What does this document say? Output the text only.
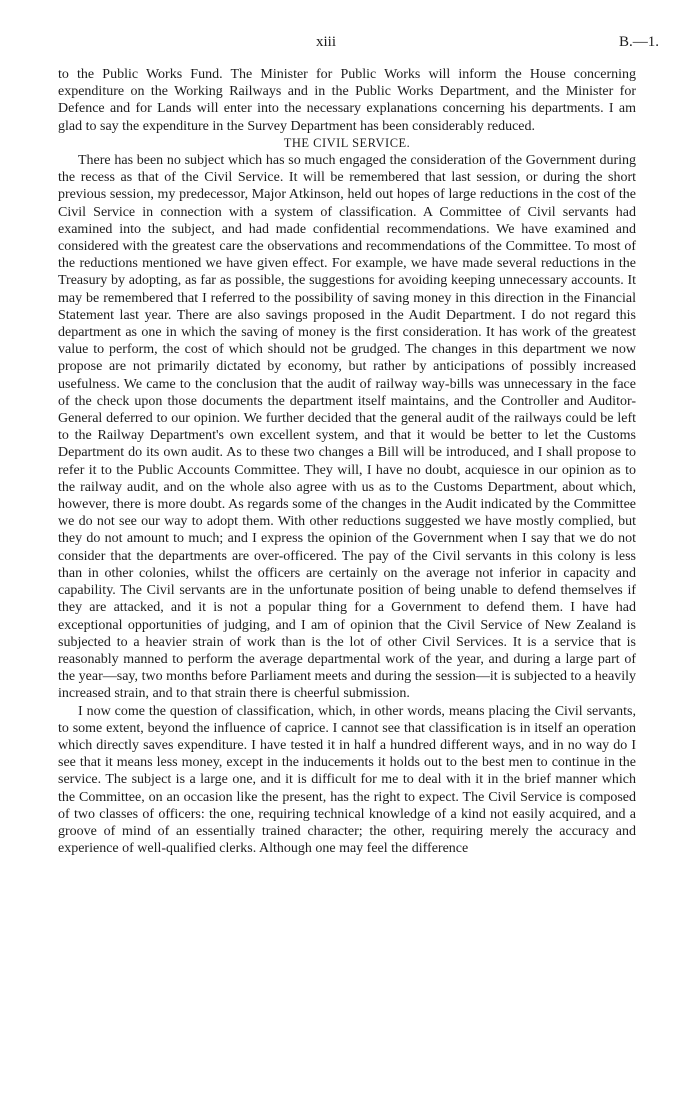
xiii	B.—1.

to the Public Works Fund. The Minister for Public Works will inform the House concerning expenditure on the Working Railways and in the Public Works Department, and the Minister for Defence and for Lands will enter into the necessary explanations concerning his departments. I am glad to say the expenditure in the Survey Department has been considerably reduced.

THE CIVIL SERVICE.

There has been no subject which has so much engaged the consideration of the Government during the recess as that of the Civil Service. It will be remembered that last session, or during the short previous session, my predecessor, Major Atkinson, held out hopes of large reductions in the cost of the Civil Service in connection with a system of classification. A Committee of Civil servants had examined into the subject, and had made confidential recommendations. We have examined and considered with the greatest care the observations and recommendations of the Committee. To most of the reductions mentioned we have given effect. For example, we have made several reductions in the Treasury by adopting, as far as possible, the suggestions for avoiding keeping unnecessary accounts. It may be remembered that I referred to the possibility of saving money in this direction in the Financial Statement last year. There are also savings proposed in the Audit Department. I do not regard this department as one in which the saving of money is the first consideration. It has work of the greatest value to perform, the cost of which should not be grudged. The changes in this department we now propose are not primarily dictated by economy, but rather by anticipations of possibly increased usefulness. We came to the conclusion that the audit of railway way-bills was unnecessary in the face of the check upon those documents the department itself maintains, and the Controller and Auditor-General deferred to our opinion. We further decided that the general audit of the railways could be left to the Railway Department's own excellent system, and that it would be better to let the Customs Department do its own audit. As to these two changes a Bill will be introduced, and I shall propose to refer it to the Public Accounts Committee. They will, I have no doubt, acquiesce in our opinion as to the railway audit, and on the whole also agree with us as to the Customs Department, about which, however, there is more doubt. As regards some of the changes in the Audit indicated by the Committee we do not see our way to adopt them. With other reductions suggested we have mostly complied, but they do not amount to much; and I express the opinion of the Government when I say that we do not consider that the departments are over-officered. The pay of the Civil servants in this colony is less than in other colonies, whilst the officers are certainly on the average not inferior in capacity and capability. The Civil servants are in the unfortunate position of being unable to defend themselves if they are attacked, and it is not a popular thing for a Government to defend them. I have had exceptional opportunities of judging, and I am of opinion that the Civil Service of New Zealand is subjected to a heavier strain of work than is the lot of other Civil Services. It is a service that is reasonably manned to perform the average departmental work of the year, and during a large part of the year—say, two months before Parliament meets and during the session—it is subjected to a heavily increased strain, and to that strain there is cheerful submission.

I now come the question of classification, which, in other words, means placing the Civil servants, to some extent, beyond the influence of caprice. I cannot see that classification is in itself an operation which directly saves expenditure. I have tested it in half a hundred different ways, and in no way do I see that it means less money, except in the inducements it holds out to the best men to continue in the service. The subject is a large one, and it is difficult for me to deal with it in the brief manner which the Committee, on an occasion like the present, has the right to expect. The Civil Service is composed of two classes of officers: the one, requiring technical knowledge of a kind not easily acquired, and a groove of mind of an essentially trained character; the other, requiring merely the accuracy and experience of well-qualified clerks. Although one may feel the difference
